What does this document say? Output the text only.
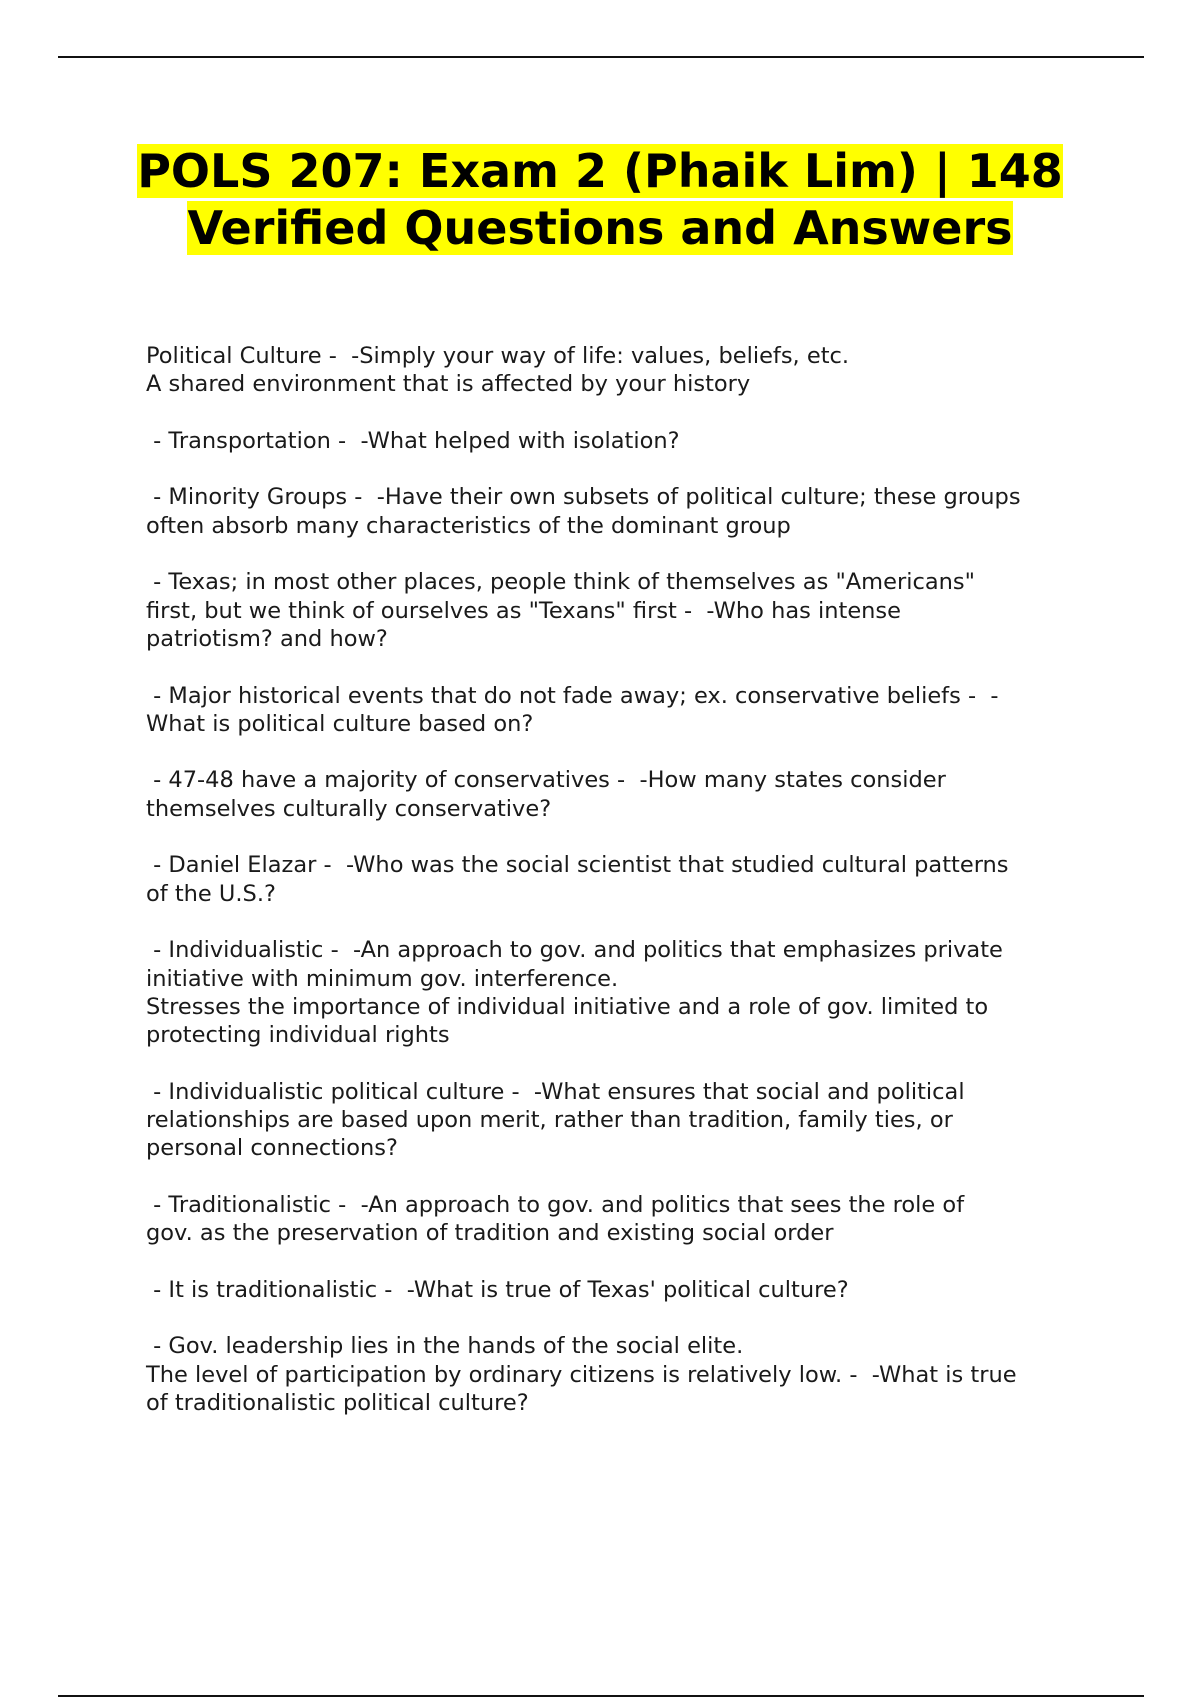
POLS 207: Exam 2 (Phaik Lim) | 148 Verified Questions and Answers

Political Culture -  -Simply your way of life: values, beliefs, etc.
A shared environment that is affected by your history

- Transportation -  -What helped with isolation?

- Minority Groups -  -Have their own subsets of political culture; these groups
often absorb many characteristics of the dominant group

- Texas; in most other places, people think of themselves as "Americans"
first, but we think of ourselves as "Texans" first -  -Who has intense
patriotism? and how?

- Major historical events that do not fade away; ex. conservative beliefs -  -
What is political culture based on?

- 47-48 have a majority of conservatives -  -How many states consider
themselves culturally conservative?

- Daniel Elazar -  -Who was the social scientist that studied cultural patterns
of the U.S.?

- Individualistic -  -An approach to gov. and politics that emphasizes private
initiative with minimum gov. interference.
Stresses the importance of individual initiative and a role of gov. limited to
protecting individual rights

- Individualistic political culture -  -What ensures that social and political
relationships are based upon merit, rather than tradition, family ties, or
personal connections?

- Traditionalistic -  -An approach to gov. and politics that sees the role of
gov. as the preservation of tradition and existing social order

- It is traditionalistic -  -What is true of Texas' political culture?

- Gov. leadership lies in the hands of the social elite.
The level of participation by ordinary citizens is relatively low. -  -What is true
of traditionalistic political culture?
